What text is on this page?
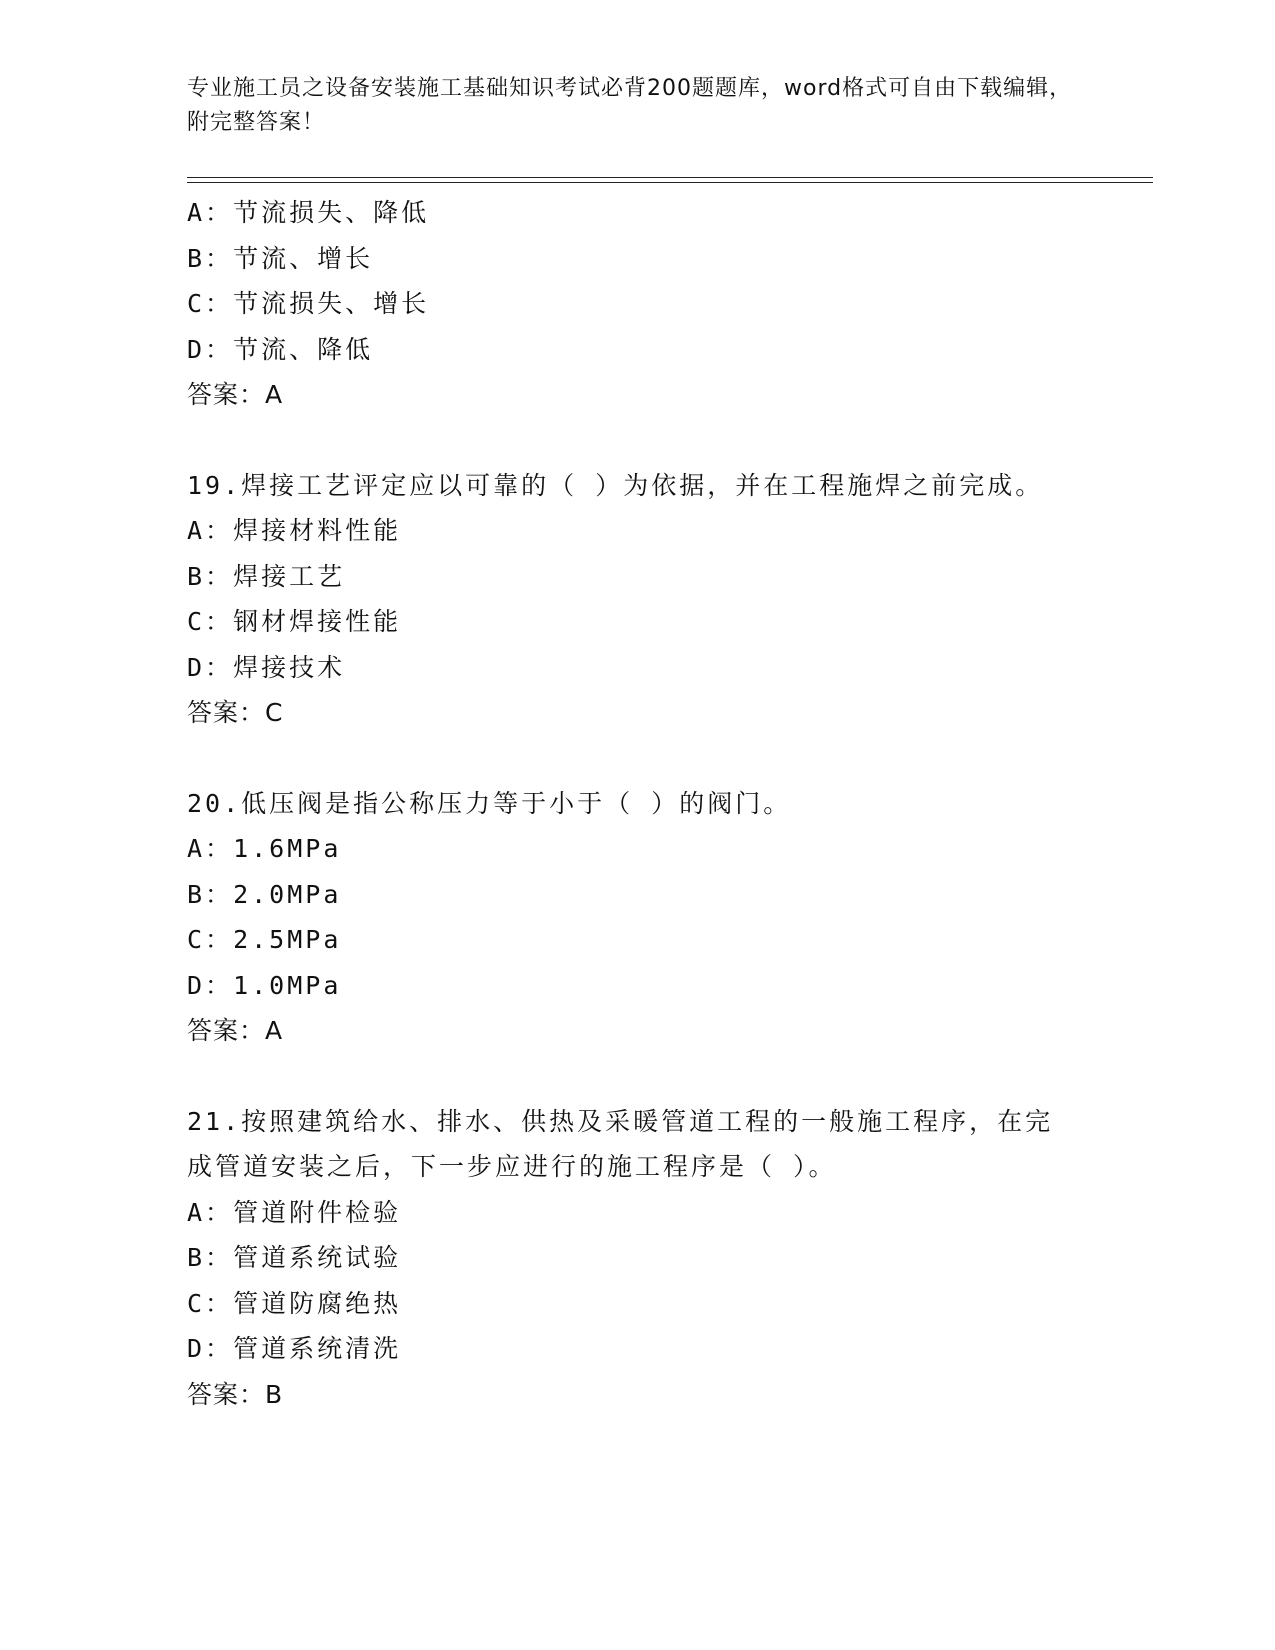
专业施工员之设备安装施工基础知识考试必背200题题库，word格式可自由下载编辑，附完整答案！
A：节流损失、降低
B：节流、增长
C：节流损失、增长
D：节流、降低
答案：A
19.焊接工艺评定应以可靠的（ ）为依据，并在工程施焊之前完成。
A：焊接材料性能
B：焊接工艺
C：钢材焊接性能
D：焊接技术
答案：C
20.低压阀是指公称压力等于小于（ ）的阀门。
A：1.6MPa
B：2.0MPa
C：2.5MPa
D：1.0MPa
答案：A
21.按照建筑给水、排水、供热及采暖管道工程的一般施工程序，在完成管道安装之后，下一步应进行的施工程序是（ ）。
A：管道附件检验
B：管道系统试验
C：管道防腐绝热
D：管道系统清洗
答案：B
